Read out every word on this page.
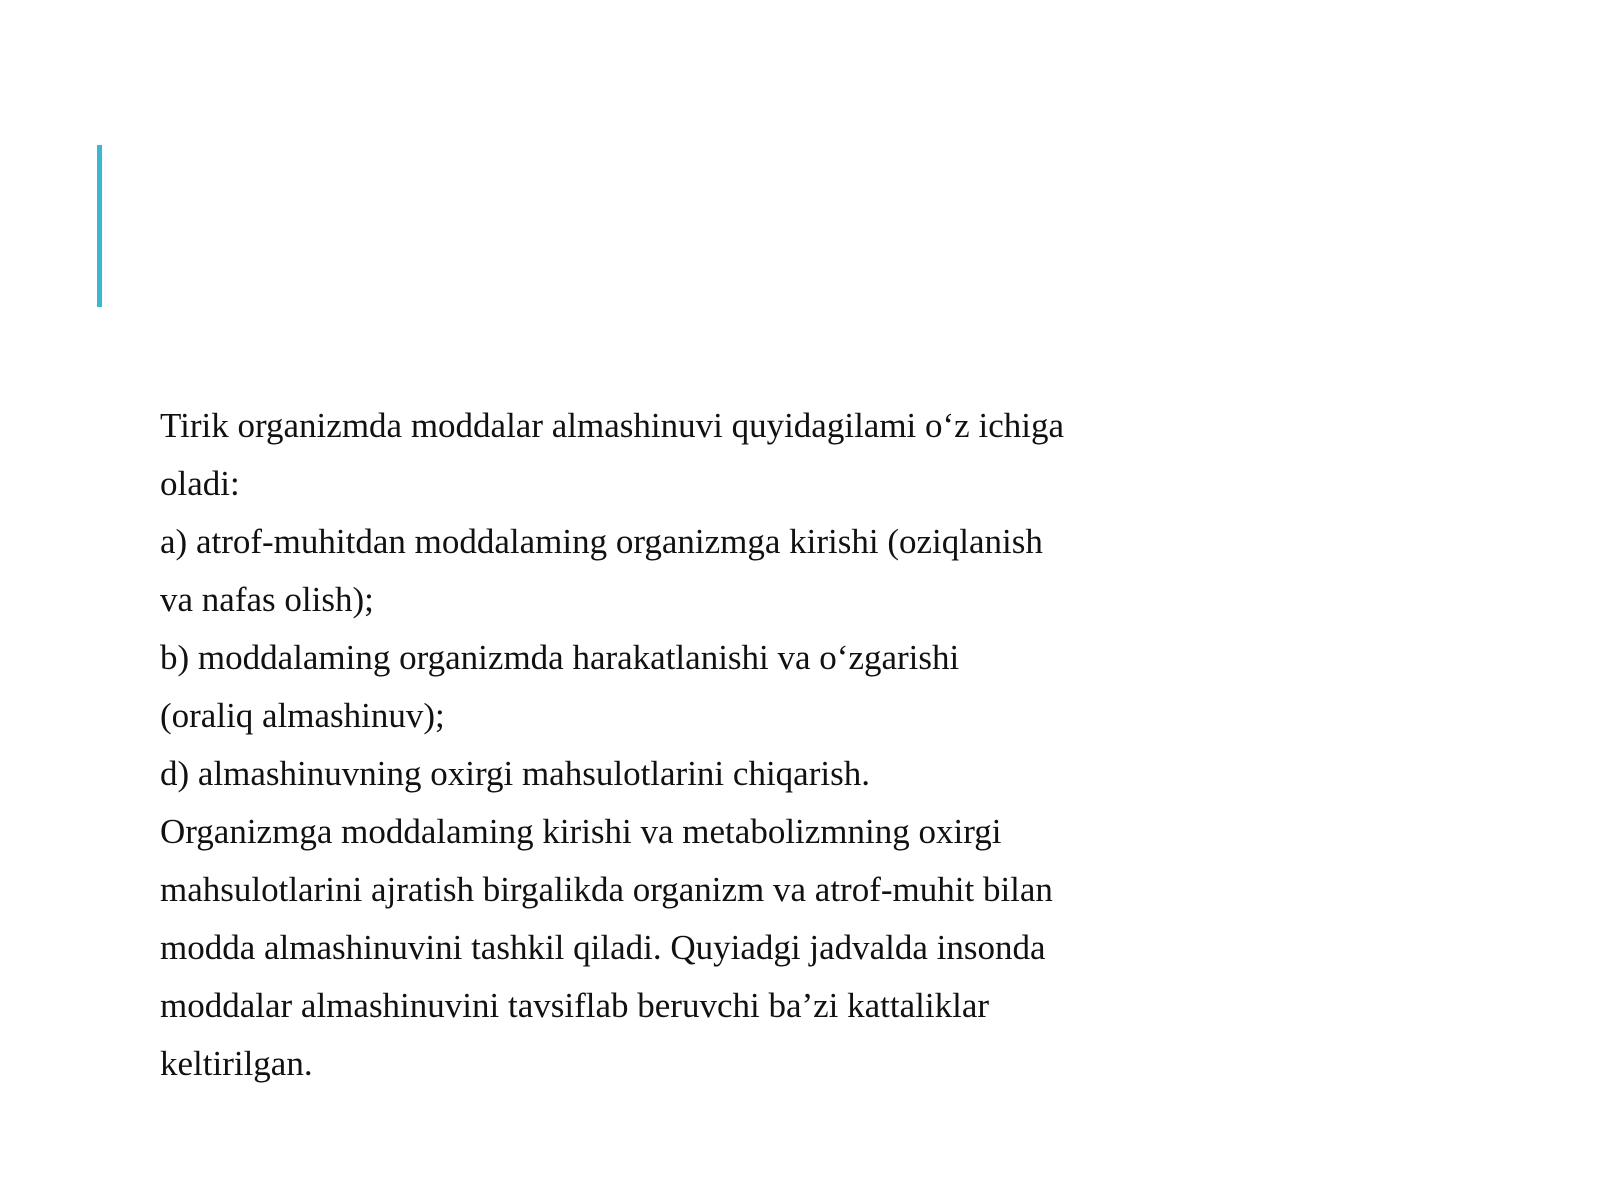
Tirik organizmda moddalar almashinuvi quyidagilami o‘z ichiga
oladi:
a) atrof-muhitdan moddalaming organizmga kirishi (oziqlanish
va nafas olish);
b) moddalaming organizmda harakatlanishi va o‘zgarishi
(oraliq almashinuv);
d) almashinuvning oxirgi mahsulotlarini chiqarish.
Organizmga moddalaming kirishi va metabolizmning oxirgi
mahsulotlarini ajratish birgalikda organizm va atrof-muhit bilan
modda almashinuvini tashkil qiladi. Quyiadgi jadvalda insonda
moddalar almashinuvini tavsiflab beruvchi ba’zi kattaliklar
keltirilgan.
